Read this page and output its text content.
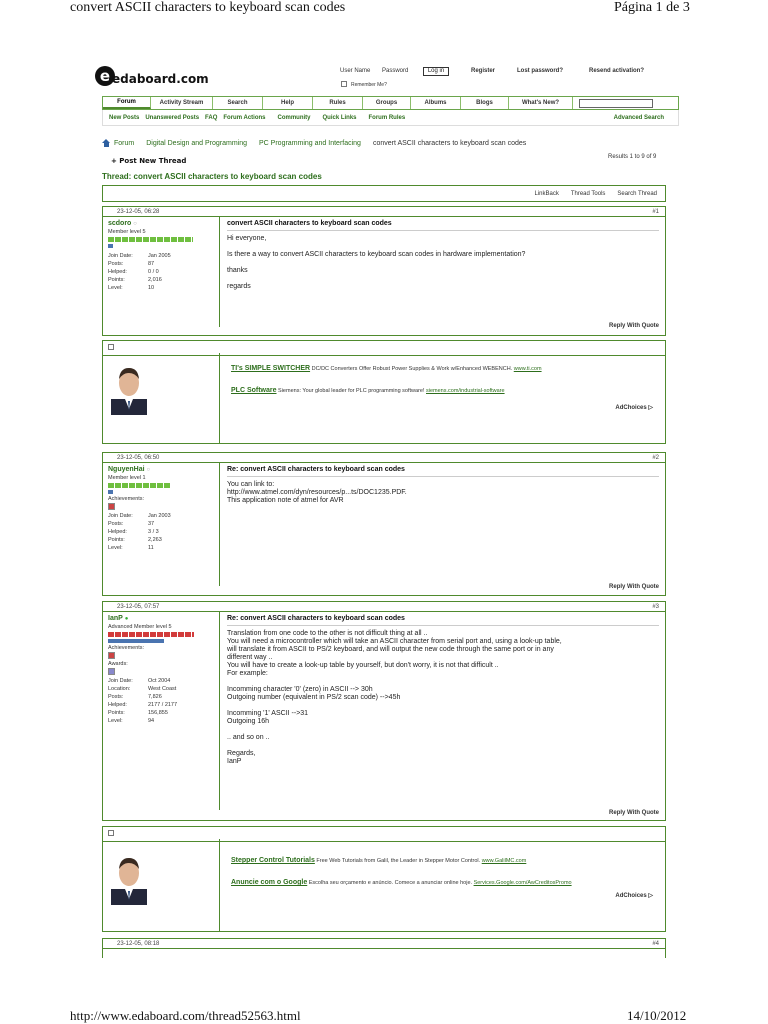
convert ASCII characters to keyboard scan codes	Página 1 de 3
e edaboard.com
User Name Password	Log in
Remember Me?
Register	Lost password?	Resend activation?
Forum	Activity Stream	Search	Help	Rules	Groups	Albums	Blogs	What's New?
New Posts Unanswered Posts FAQ Forum Actions Community Quick Links Forum Rules	Advanced Search
Forum Digital Design and Programming PC Programming and Interfacing convert ASCII characters to keyboard scan codes
+ Post New Thread	Results 1 to 9 of 9
Thread: convert ASCII characters to keyboard scan codes
LinkBack Thread Tools Search Thread
23-12-05, 06:28	#1
scdoro ○
Member level 5
Join Date:	Jan 2005
Posts:	87
Helped:	0 / 0
Points:	2,016
Level:	10
convert ASCII characters to keyboard scan codes
Hi everyone,

Is there a way to convert ASCII characters to keyboard scan codes in hardware implementation?

thanks

regards
Reply With Quote
TI's SIMPLE SWITCHER DC/DC Converters Offer Robust Power Supplies & Work w/Enhanced WEBENCH. www.ti.com
PLC Software Siemens: Your global leader for PLC programming software! siemens.com/industrial-software
AdChoices ▷
23-12-05, 06:50	#2
NguyenHai ○
Member level 1
Achievements:
Join Date:	Jan 2003
Posts:	37
Helped:	3 / 3
Points:	2,263
Level:	11
Re: convert ASCII characters to keyboard scan codes
You can link to:
http://www.atmel.com/dyn/resources/p...ts/DOC1235.PDF.
This application note of atmel for AVR
Reply With Quote
23-12-05, 07:57	#3
IanP ●
Advanced Member level 5
Achievements:
Awards:
Join Date:	Oct 2004
Location:	West Coast
Posts:	7,826
Helped:	2177 / 2177
Points:	156,855
Level:	94
Re: convert ASCII characters to keyboard scan codes
Translation from one code to the other is not difficult thing at all ..
You will need a microcontroller which will take an ASCII character from serial port and, using a look-up table,
will translate it from ASCII to PS/2 keyboard, and will output the new code through the same port or in any
different way ..
You will have to create a look-up table by yourself, but don't worry, it is not that difficult ..
For example:

Incomming character '0' (zero) in ASCII --> 30h
Outgoing number (equivalent in PS/2 scan code) -->45h

Incomming '1' ASCII -->31
Outgoing 16h

.. and so on ..

Regards,
IanP
Reply With Quote
Stepper Control Tutorials Free Web Tutorials from Galil, the Leader in Stepper Motor Control. www.GalilMC.com
Anuncie com o Google Escolha seu orçamento e anúncio. Comece a anunciar online hoje. Services.Google.com/AwCreditosPromo
AdChoices ▷
23-12-05, 08:18	#4
http://www.edaboard.com/thread52563.html	14/10/2012
